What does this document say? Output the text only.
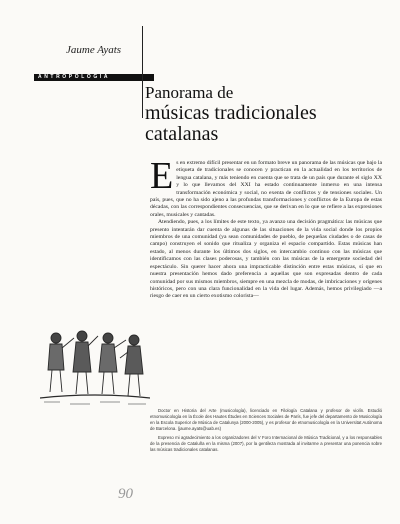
Jaume Ayats
ANTROPOLOGÍA
Panorama de
músicas tradicionales
catalanas

Es en extremo difícil presentar en un formato breve un panorama de las músicas que bajo la etiqueta de tradicionales se conocen y practican en la actualidad en los territorios de lengua catalana, y más teniendo en cuenta que se trata de un país que durante el siglo XX y lo que llevamos del XXI ha estado continuamente inmerso en una intensa transformación económica y social, no exenta de conflictos y de tensiones sociales. Un país, pues, que no ha sido ajeno a las profundas transformaciones y conflictos de la Europa de estas décadas, con las correspondientes consecuencias, que se derivan en lo que se refiere a las expresiones orales, musicales y cantadas.

Atendiendo, pues, a los límites de este texto, ya avanzo una decisión pragmática: las músicas que presento intentarán dar cuenta de algunas de las situaciones de la vida social donde los propios miembros de una comunidad (ya sean comunidades de pueblo, de pequeñas ciudades o de casas de campo) construyen el sonido que ritualiza y organiza el espacio compartido. Estas músicas han estado, al menos durante los últimos dos siglos, en intercambio continuo con las músicas que identificamos con las clases poderosas, y también con las músicas de la emergente sociedad del espectáculo. Sin querer hacer ahora una impracticable distinción entre estas músicas, sí que en nuestra presentación hemos dado preferencia a aquellas que son expresadas dentro de cada comunidad por sus mismos miembros, siempre en una mezcla de modas, de imbricaciones y orígenes históricos, pero con una clara funcionalidad en la vida del lugar. Además, hemos privilegiado —a riesgo de caer en un cierto exotismo colorista—

Doctor en Historia del Arte (musicología), licenciado en Filología Catalana y profesor de violín. Estudió etnomusicología en la École des Hautes Études en Sciences Sociales de París, fue jefe del departamento de Musicología en la Escola Superior de Música de Catalunya (2000-2005), y es profesor de etnomusicología en la Universitat Autònoma de Barcelona. (jaume.ayats@uab.es)

Expreso mi agradecimiento a los organizadores del V Foro Internacional de Música Tradicional, y a los responsables de la presencia de Cataluña en la misma (2007), por la gentileza mostrada al invitarme a presentar una ponencia sobre las músicas tradicionales catalanas.

90
